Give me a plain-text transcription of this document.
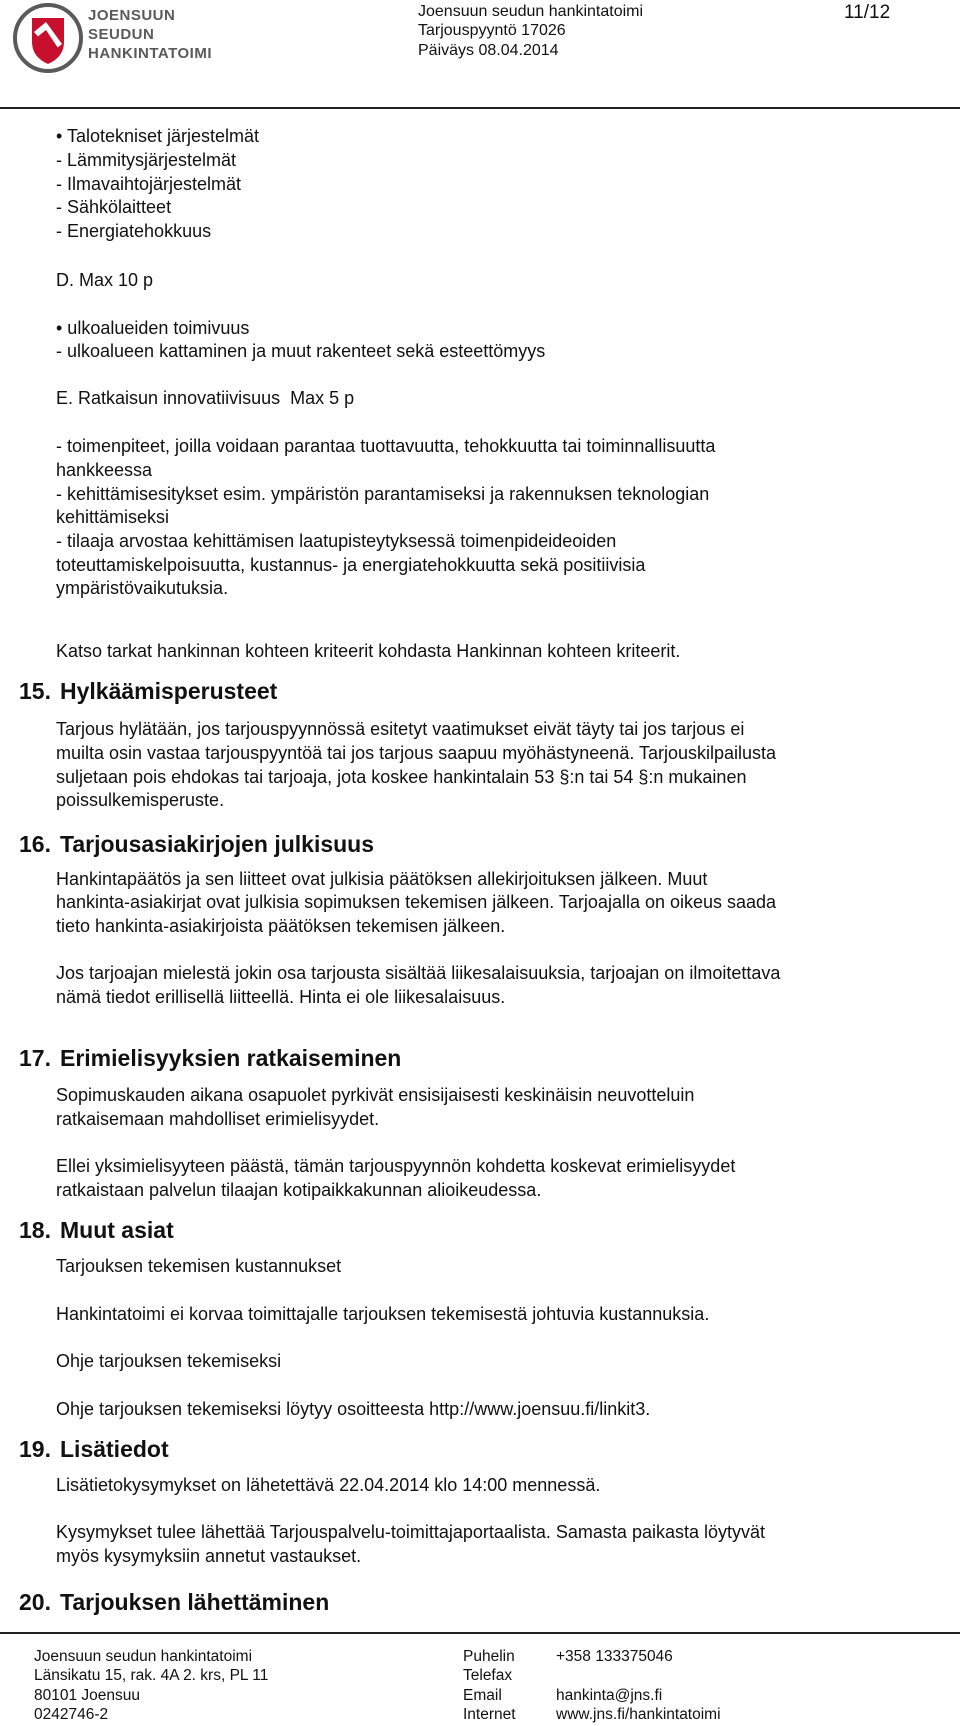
JOENSUUN
SEUDUN
HANKINTATOIMI
Joensuun seudun hankintatoimi
Tarjouspyyntö 17026
Päiväys 08.04.2014
11/12
• Talotekniset järjestelmät
- Lämmitysjärjestelmät
- Ilmavaihtojärjestelmät
- Sähkölaitteet
- Energiatehokkuus
D. Max 10 p
• ulkoalueiden toimivuus
- ulkoalueen kattaminen ja muut rakenteet sekä esteettömyys
E. Ratkaisun innovatiivisuus  Max 5 p
- toimenpiteet, joilla voidaan parantaa tuottavuutta, tehokkuutta tai toiminnallisuutta
hankkeessa
- kehittämisesitykset esim. ympäristön parantamiseksi ja rakennuksen teknologian
kehittämiseksi
- tilaaja arvostaa kehittämisen laatupisteytyksessä toimenpideideoiden
toteuttamiskelpoisuutta, kustannus- ja energiatehokkuutta sekä positiivisia
ympäristövaikutuksia.
Katso tarkat hankinnan kohteen kriteerit kohdasta Hankinnan kohteen kriteerit.
15. Hylkäämisperusteet
Tarjous hylätään, jos tarjouspyynnössä esitetyt vaatimukset eivät täyty tai jos tarjous ei
muilta osin vastaa tarjouspyyntöä tai jos tarjous saapuu myöhästyneenä. Tarjouskilpailusta
suljetaan pois ehdokas tai tarjoaja, jota koskee hankintalain 53 §:n tai 54 §:n mukainen
poissulkemisperuste.
16. Tarjousasiakirjojen julkisuus
Hankintapäätös ja sen liitteet ovat julkisia päätöksen allekirjoituksen jälkeen. Muut
hankinta-asiakirjat ovat julkisia sopimuksen tekemisen jälkeen. Tarjoajalla on oikeus saada
tieto hankinta-asiakirjoista päätöksen tekemisen jälkeen.
Jos tarjoajan mielestä jokin osa tarjousta sisältää liikesalaisuuksia, tarjoajan on ilmoitettava
nämä tiedot erillisellä liitteellä. Hinta ei ole liikesalaisuus.
17. Erimielisyyksien ratkaiseminen
Sopimuskauden aikana osapuolet pyrkivät ensisijaisesti keskinäisin neuvotteluin
ratkaisemaan mahdolliset erimielisyydet.
Ellei yksimielisyyteen päästä, tämän tarjouspyynnön kohdetta koskevat erimielisyydet
ratkaistaan palvelun tilaajan kotipaikkakunnan alioikeudessa.
18. Muut asiat
Tarjouksen tekemisen kustannukset
Hankintatoimi ei korvaa toimittajalle tarjouksen tekemisestä johtuvia kustannuksia.
Ohje tarjouksen tekemiseksi
Ohje tarjouksen tekemiseksi löytyy osoitteesta http://www.joensuu.fi/linkit3.
19. Lisätiedot
Lisätietokysymykset on lähetettävä 22.04.2014 klo 14:00 mennessä.
Kysymykset tulee lähettää Tarjouspalvelu-toimittajaportaalista. Samasta paikasta löytyvät
myös kysymyksiin annetut vastaukset.
20. Tarjouksen lähettäminen
Joensuun seudun hankintatoimi
Länsikatu 15, rak. 4A 2. krs, PL 11
80101 Joensuu
0242746-2
Puhelin
Telefax
Email
Internet
+358 133375046
hankinta@jns.fi
www.jns.fi/hankintatoimi
